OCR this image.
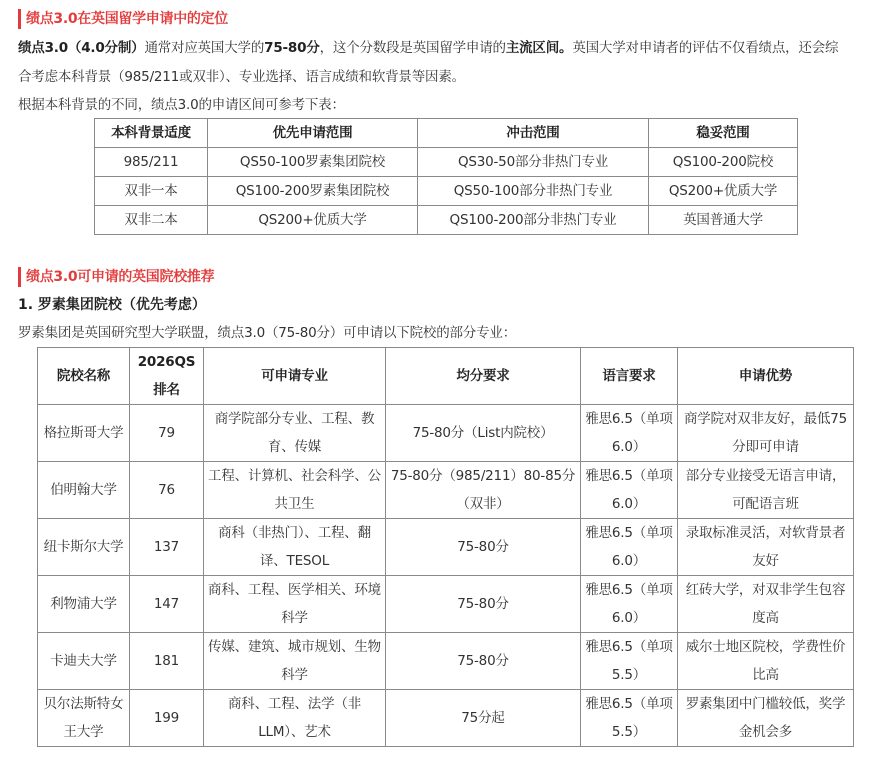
绩点3.0在英国留学申请中的定位
绩点3.0（4.0分制）通常对应英国大学的75-80分，这个分数段是英国留学申请的主流区间。英国大学对申请者的评估不仅看绩点，还会综
合考虑本科背景（985/211或双非）、专业选择、语言成绩和软背景等因素。
根据本科背景的不同，绩点3.0的申请区间可参考下表：
本科背景适度	优先申请范围	冲击范围	稳妥范围
985/211	QS50-100罗素集团院校	QS30-50部分非热门专业	QS100-200院校
双非一本	QS100-200罗素集团院校	QS50-100部分非热门专业	QS200+优质大学
双非二本	QS200+优质大学	QS100-200部分非热门专业	英国普通大学
绩点3.0可申请的英国院校推荐
1. 罗素集团院校（优先考虑）
罗素集团是英国研究型大学联盟，绩点3.0（75-80分）可申请以下院校的部分专业：
院校名称	2026QS排名	可申请专业	均分要求	语言要求	申请优势
格拉斯哥大学	79	商学院部分专业、工程、教育、传媒	75-80分（List内院校）	雅思6.5（单项6.0）	商学院对双非友好，最低75分即可申请
伯明翰大学	76	工程、计算机、社会科学、公共卫生	75-80分（985/211）80-85分（双非）	雅思6.5（单项6.0）	部分专业接受无语言申请，可配语言班
纽卡斯尔大学	137	商科（非热门）、工程、翻译、TESOL	75-80分	雅思6.5（单项6.0）	录取标准灵活，对软背景者友好
利物浦大学	147	商科、工程、医学相关、环境科学	75-80分	雅思6.5（单项6.0）	红砖大学，对双非学生包容度高
卡迪夫大学	181	传媒、建筑、城市规划、生物科学	75-80分	雅思6.5（单项5.5）	威尔士地区院校，学费性价比高
贝尔法斯特女王大学	199	商科、工程、法学（非LLM）、艺术	75分起	雅思6.5（单项5.5）	罗素集团中门槛较低，奖学金机会多
